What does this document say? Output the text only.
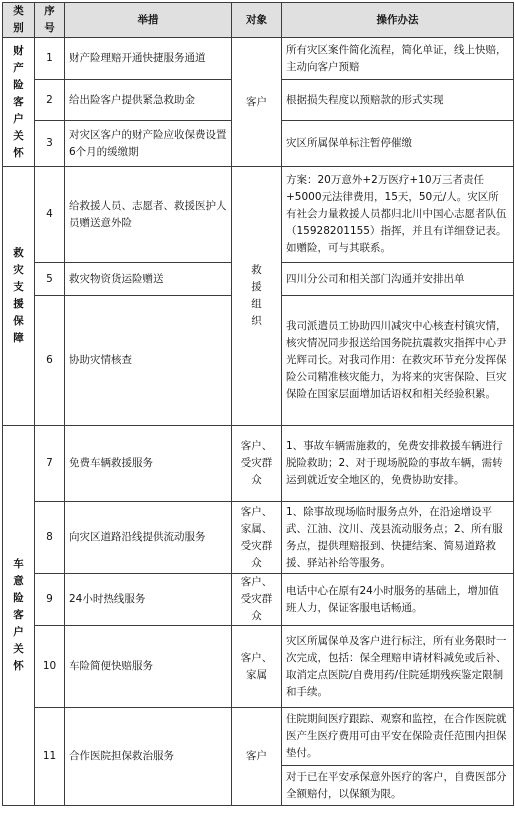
类别	序号	举措	对象	操作办法
财产险客户关怀	1	财产险理赔开通快捷服务通道	客户	所有灾区案件简化流程，简化单证，线上快赔，主动向客户预赔
	2	给出险客户提供紧急救助金		根据损失程度以预赔款的形式实现
	3	对灾区客户的财产险应收保费设置6个月的缓缴期		灾区所属保单标注暂停催缴
救灾支援保障	4	给救援人员、志愿者、救援医护人员赠送意外险	救援组织	方案：20万意外+2万医疗+10万三者责任+5000元法律费用，15天，50元/人。灾区所有社会力量救援人员都归北川中国心志愿者队伍（15928201155）指挥，并且有详细登记表。如赠险，可与其联系。
	5	救灾物资货运险赠送		四川分公司和相关部门沟通并安排出单
	6	协助灾情核查		我司派遣员工协助四川减灾中心核查村镇灾情，核灾情况同步报送给国务院抗震救灾指挥中心尹光辉司长。对我司作用：在救灾环节充分发挥保险公司精准核灾能力，为将来的灾害保险、巨灾保险在国家层面增加话语权和相关经验积累。
车意险客户关怀	7	免费车辆救援服务	客户、受灾群众	1、事故车辆需施救的，免费安排救援车辆进行脱险救助；2、对于现场脱险的事故车辆，需转运到就近安全地区的，免费协助安排。
	8	向灾区道路沿线提供流动服务	客户、家属、受灾群众	1、除事故现场临时服务点外，在沿途增设平武、江油、汶川、茂县流动服务点；2、所有服务点，提供理赔报到、快捷结案、简易道路救援、驿站补给等服务。
	9	24小时热线服务	客户、受灾群众	电话中心在原有24小时服务的基础上，增加值班人力，保证客服电话畅通。
	10	车险简便快赔服务	客户、家属	灾区所属保单及客户进行标注，所有业务限时一次完成，包括：保全理赔申请材料减免或后补、取消定点医院/自费用药/住院延期残疾鉴定限制和手续。
	11	合作医院担保救治服务	客户	住院期间医疗跟踪、观察和监控，在合作医院就医产生医疗费用可由平安在保险责任范围内担保垫付。
				对于已在平安承保意外医疗的客户，自费医部分全额赔付，以保额为限。
